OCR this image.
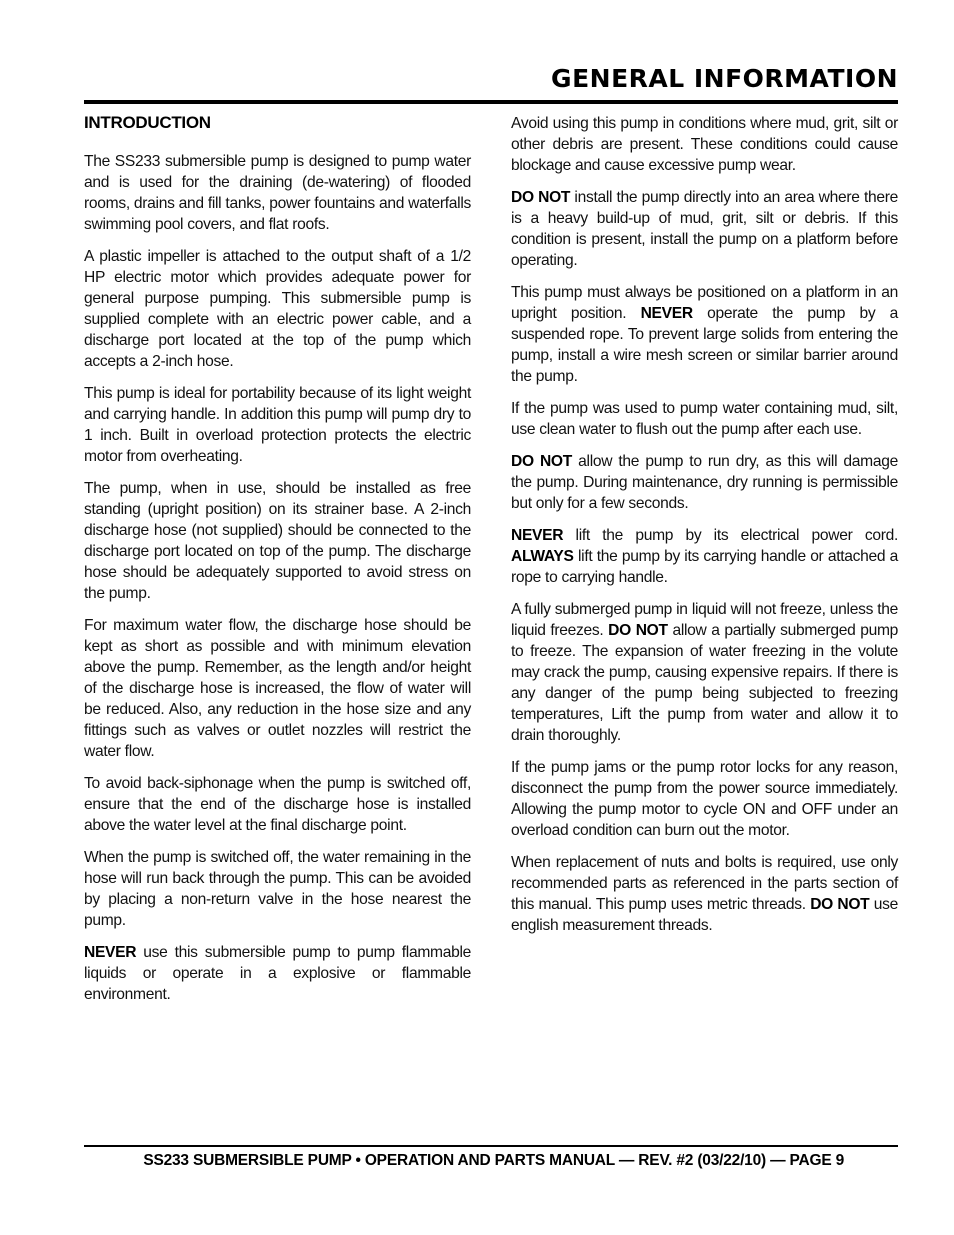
GENERAL INFORMATION
INTRODUCTION

The SS233 submersible pump is designed to pump water and is used for the draining (de-watering) of flooded rooms, drains and fill tanks, power fountains and waterfalls swimming pool covers, and flat roofs.

A plastic impeller is attached to the output shaft of a 1/2 HP electric motor which provides adequate power for general purpose pumping. This submersible pump is supplied complete with an electric power cable, and a discharge port located at the top of the pump which accepts a 2-inch hose.

This pump is ideal for portability because of its light weight and carrying handle. In addition this pump will pump dry to 1 inch. Built in overload protection protects the electric motor from overheating.

The pump, when in use, should be installed as free standing (upright position) on its strainer base. A 2-inch discharge hose (not supplied) should be connected to the discharge port located on top of the pump. The discharge hose should be adequately supported to avoid stress on the pump.

For maximum water flow, the discharge hose should be kept as short as possible and with minimum elevation above the pump. Remember, as the length and/or height of the discharge hose is increased, the flow of water will be reduced. Also, any reduction in the hose size and any fittings such as valves or outlet nozzles will restrict the water flow.

To avoid back-siphonage when the pump is switched off, ensure that the end of the discharge hose is installed above the water level at the final discharge point.

When the pump is switched off, the water remaining in the hose will run back through the pump. This can be avoided by placing a non-return valve in the hose nearest the pump.

NEVER use this submersible pump to pump flammable liquids or operate in a explosive or flammable environment.

Avoid using this pump in conditions where mud, grit, silt or other debris are present. These conditions could cause blockage and cause excessive pump wear.

DO NOT install the pump directly into an area where there is a heavy build-up of mud, grit, silt or debris. If this condition is present, install the pump on a platform before operating.

This pump must always be positioned on a platform in an upright position. NEVER operate the pump by a suspended rope. To prevent large solids from entering the pump, install a wire mesh screen or similar barrier around the pump.

If the pump was used to pump water containing mud, silt, use clean water to flush out the pump after each use.

DO NOT allow the pump to run dry, as this will damage the pump. During maintenance, dry running is permissible but only for a few seconds.

NEVER lift the pump by its electrical power cord. ALWAYS lift the pump by its carrying handle or attached a rope to carrying handle.

A fully submerged pump in liquid will not freeze, unless the liquid freezes. DO NOT allow a partially submerged pump to freeze. The expansion of water freezing in the volute may crack the pump, causing expensive repairs. If there is any danger of the pump being subjected to freezing temperatures, Lift the pump from water and allow it to drain thoroughly.

If the pump jams or the pump rotor locks for any reason, disconnect the pump from the power source immediately. Allowing the pump motor to cycle ON and OFF under an overload condition can burn out the motor.

When replacement of nuts and bolts is required, use only recommended parts as referenced in the parts section of this manual. This pump uses metric threads. DO NOT use english measurement threads.

SS233 SUBMERSIBLE PUMP • OPERATION AND PARTS MANUAL — REV. #2 (03/22/10) — PAGE 9
